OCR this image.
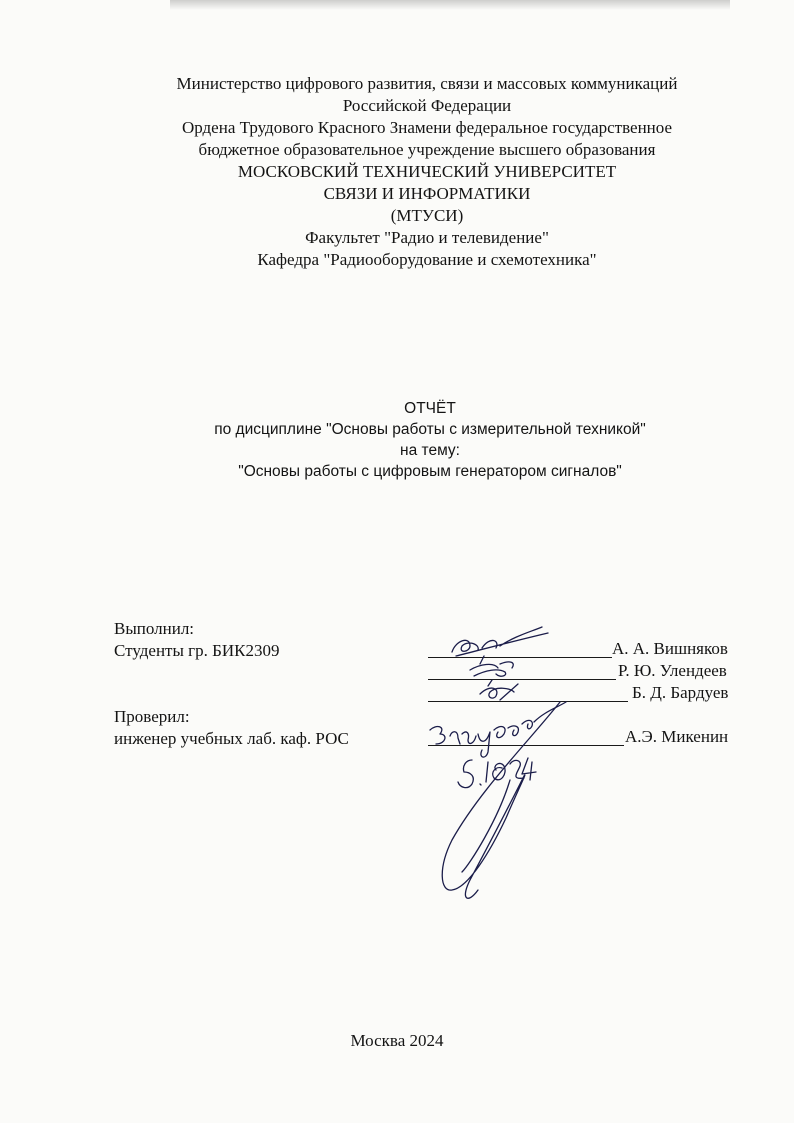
Министерство цифрового развития, связи и массовых коммуникаций
Российской Федерации
Ордена Трудового Красного Знамени федеральное государственное
бюджетное образовательное учреждение высшего образования
МОСКОВСКИЙ ТЕХНИЧЕСКИЙ УНИВЕРСИТЕТ
СВЯЗИ И ИНФОРМАТИКИ
(МТУСИ)
Факультет "Радио и телевидение"
Кафедра "Радиооборудование и схемотехника"
ОТЧЁТ
по дисциплине "Основы работы с измерительной техникой"
на тему:
"Основы работы с цифровым генератором сигналов"
Выполнил:
Студенты гр. БИК2309	А. А. Вишняков
Р. Ю. Улендеев
Б. Д. Бардуев
Проверил:
инженер учебных лаб. каф. РОС	А.Э. Микенин
Москва 2024
